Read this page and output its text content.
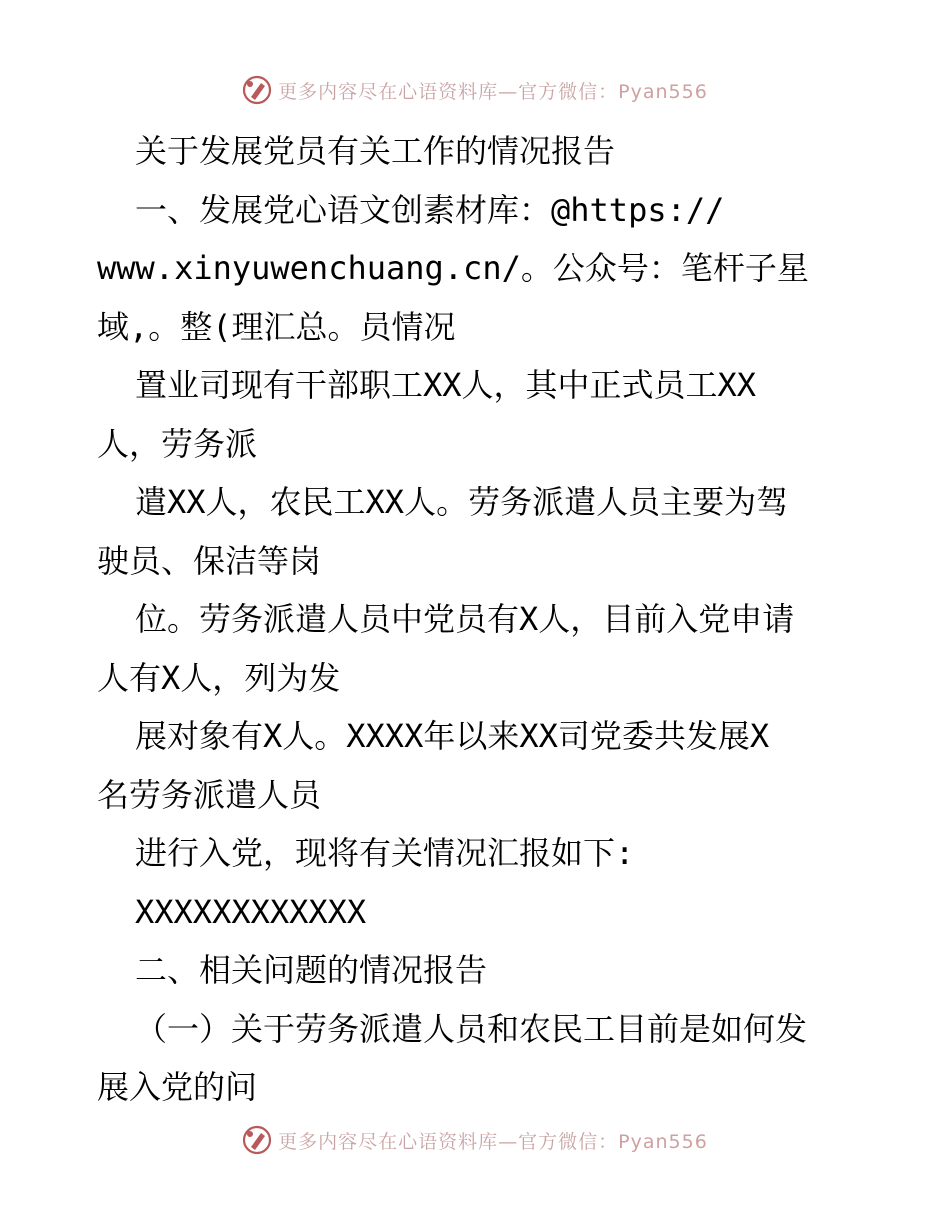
更多内容尽在心语资料库—官方微信：Pyan556
关于发展党员有关工作的情况报告
一、发展党心语文创素材库：@https://
www.xinyuwenchuang.cn/。公众号：笔杆子星
域,。整(理汇总。员情况
置业司现有干部职工XX人，其中正式员工XX
人，劳务派
遣XX人，农民工XX人。劳务派遣人员主要为驾
驶员、保洁等岗
位。劳务派遣人员中党员有X人，目前入党申请
人有X人，列为发
展对象有X人。XXXX年以来XX司党委共发展X
名劳务派遣人员
进行入党，现将有关情况汇报如下:
XXXXXXXXXXXX
二、相关问题的情况报告
（一）关于劳务派遣人员和农民工目前是如何发
展入党的问
更多内容尽在心语资料库—官方微信：Pyan556
